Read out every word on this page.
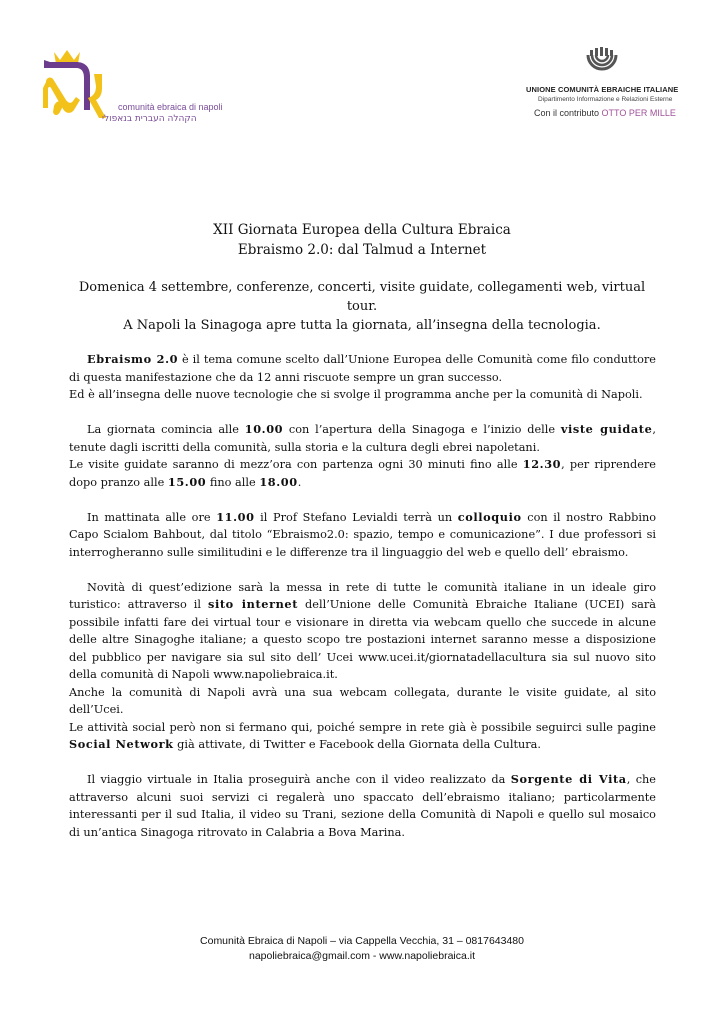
comunità ebraica di napoli
הקהלה העברית בנאפולי
UNIONE COMUNITÀ EBRAICHE ITALIANE
Dipartimento Informazione e Relazioni Esterne
Con il contributo OTTO PER MILLE
XII Giornata Europea della Cultura Ebraica
Ebraismo 2.0: dal Talmud a Internet
Domenica 4 settembre, conferenze, concerti, visite guidate, collegamenti web, virtual tour.
A Napoli la Sinagoga apre tutta la giornata, all’insegna della tecnologia.

Ebraismo 2.0 è il tema comune scelto dall’Unione Europea delle Comunità come filo conduttore di questa manifestazione che da 12 anni riscuote sempre un gran successo.
Ed è all’insegna delle nuove tecnologie che si svolge il programma anche per la comunità di Napoli.

La giornata comincia alle 10.00 con l’apertura della Sinagoga e l’inizio delle viste guidate, tenute dagli iscritti della comunità, sulla storia e la cultura degli ebrei napoletani.
Le visite guidate saranno di mezz’ora con partenza ogni 30 minuti fino alle 12.30, per riprendere dopo pranzo alle 15.00 fino alle 18.00.

In mattinata alle ore 11.00 il Prof Stefano Levialdi terrà un colloquio con il nostro Rabbino Capo Scialom Bahbout, dal titolo “Ebraismo2.0: spazio, tempo e comunicazione”. I due professori si interrogheranno sulle similitudini e le differenze tra il linguaggio del web e quello dell’ ebraismo.

Novità di quest’edizione sarà la messa in rete di tutte le comunità italiane in un ideale giro turistico: attraverso il sito internet dell’Unione delle Comunità Ebraiche Italiane (UCEI) sarà possibile infatti fare dei virtual tour e visionare in diretta via webcam quello che succede in alcune delle altre Sinagoghe italiane; a questo scopo tre postazioni internet saranno messe a disposizione del pubblico per navigare sia sul sito dell’ Ucei www.ucei.it/giornatadellacultura sia sul nuovo sito della comunità di Napoli www.napoliebraica.it.
Anche la comunità di Napoli avrà una sua webcam collegata, durante le visite guidate, al sito dell’Ucei.
Le attività social però non si fermano qui, poiché sempre in rete già è possibile seguirci sulle pagine Social Network già attivate, di Twitter e Facebook della Giornata della Cultura.

Il viaggio virtuale in Italia proseguirà anche con il video realizzato da Sorgente di Vita, che attraverso alcuni suoi servizi ci regalerà uno spaccato dell’ebraismo italiano; particolarmente interessanti per il sud Italia, il video su Trani, sezione della Comunità di Napoli e quello sul mosaico di un’antica Sinagoga ritrovato in Calabria a Bova Marina.

Comunità Ebraica di Napoli – via Cappella Vecchia, 31 – 0817643480
napoliebraica@gmail.com - www.napoliebraica.it
